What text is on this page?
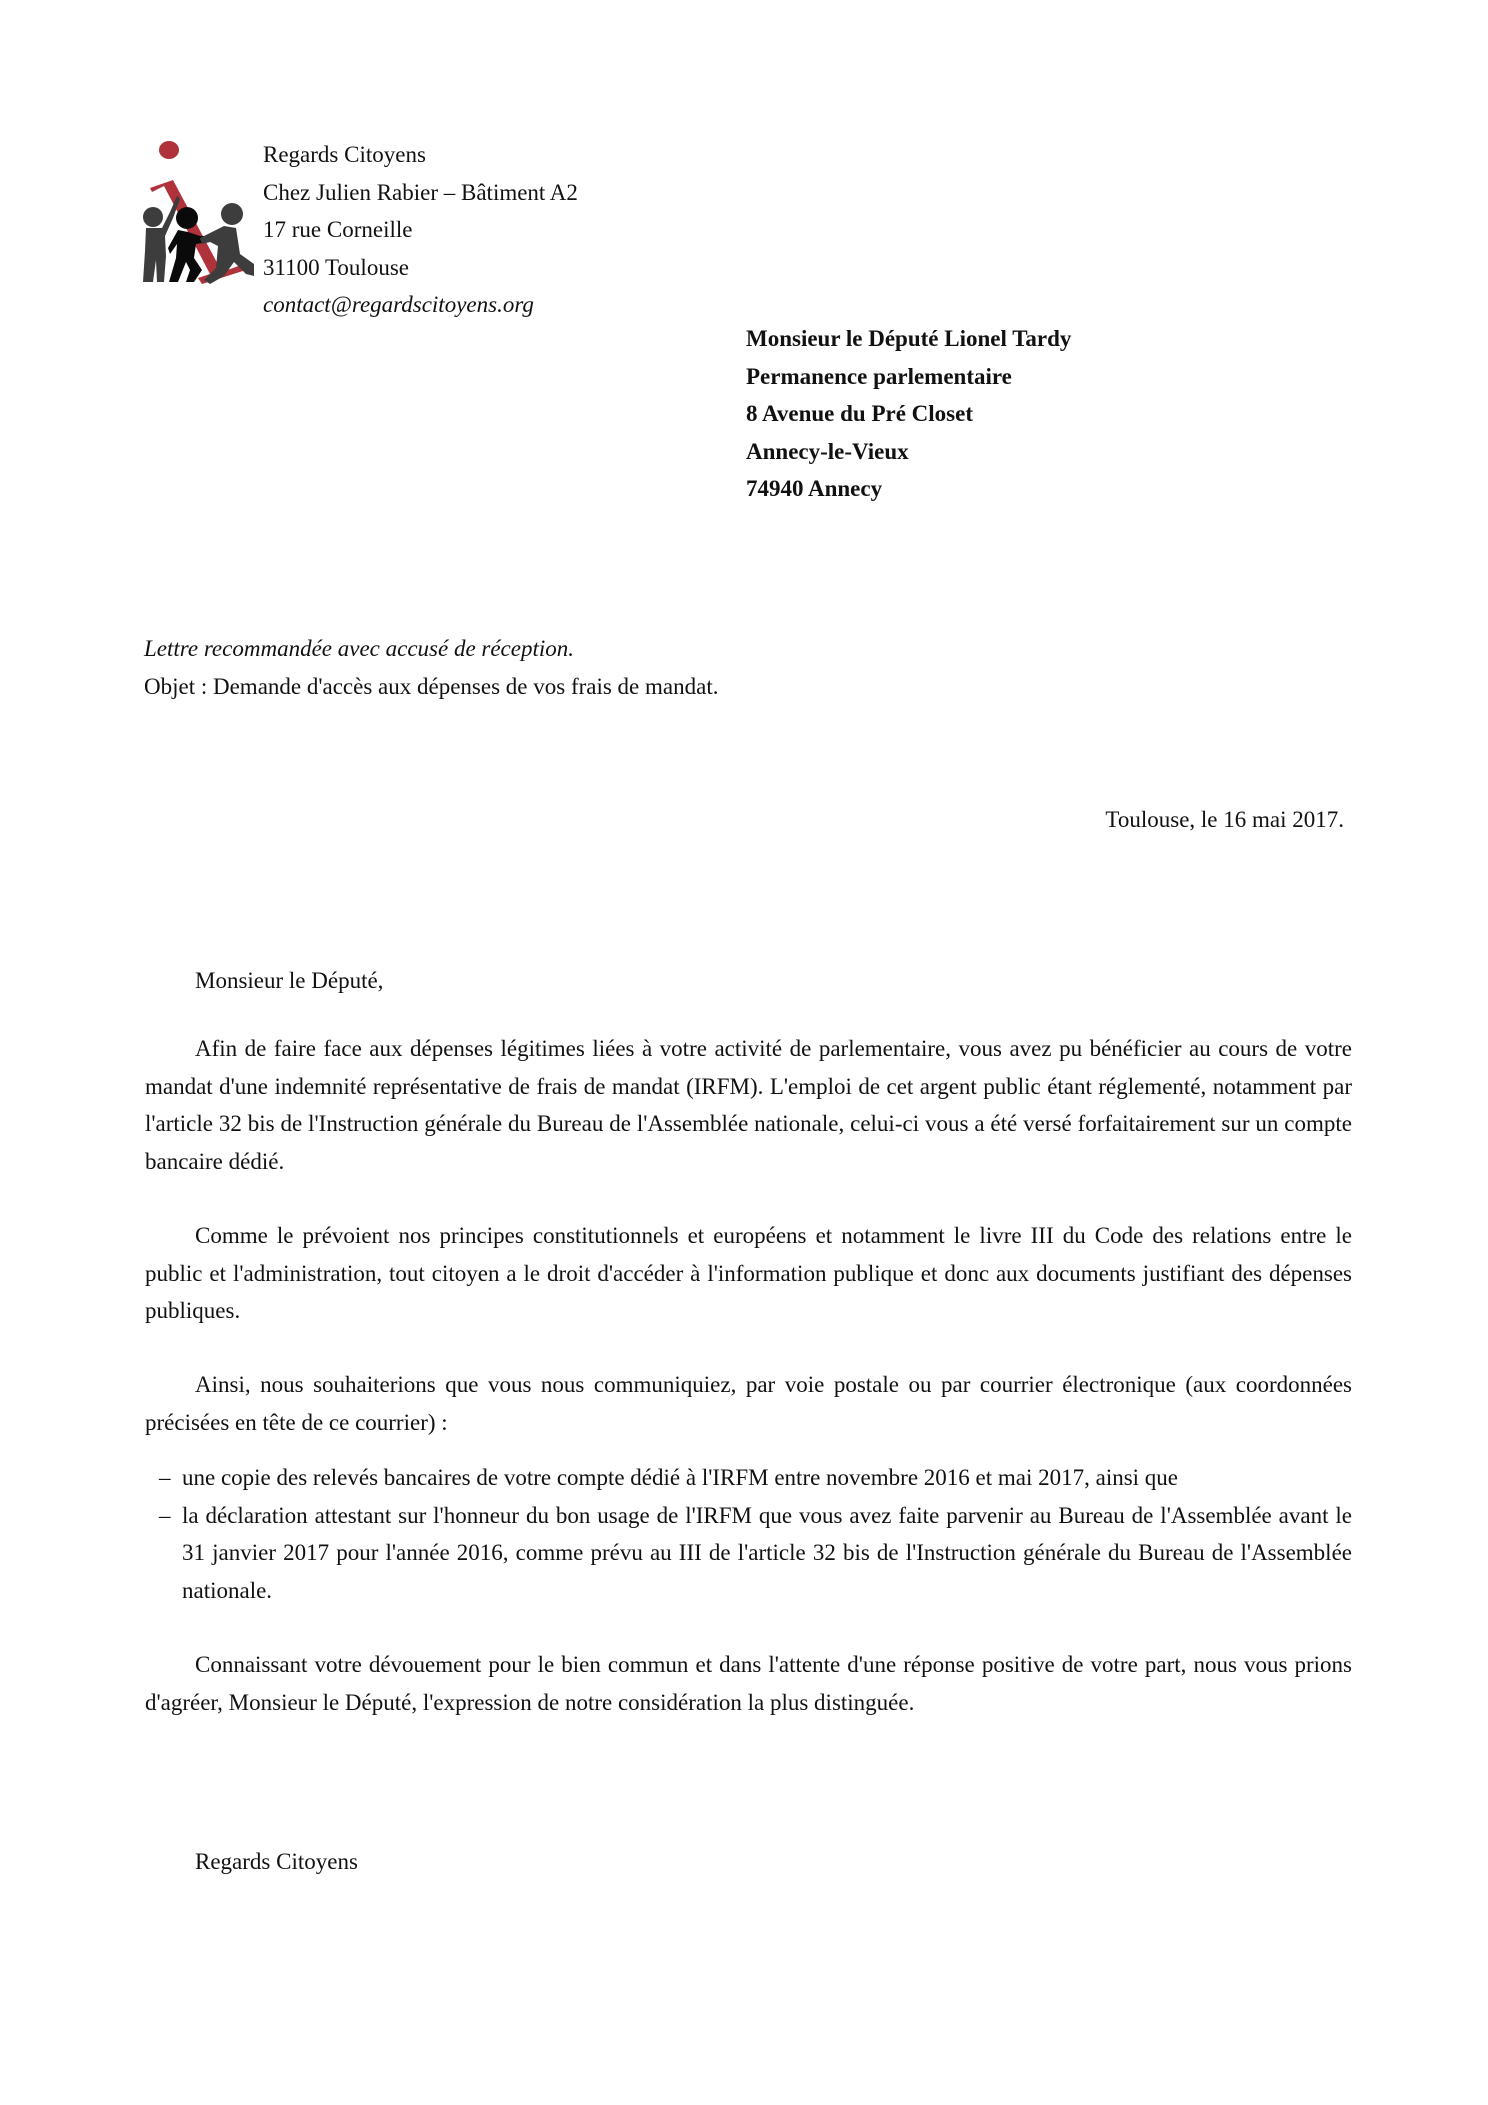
Regards Citoyens
Chez Julien Rabier – Bâtiment A2
17 rue Corneille
31100 Toulouse
contact@regardscitoyens.org
Monsieur le Député Lionel Tardy
Permanence parlementaire
8 Avenue du Pré Closet
Annecy-le-Vieux
74940 Annecy
Lettre recommandée avec accusé de réception.
Objet : Demande d'accès aux dépenses de vos frais de mandat.
Toulouse, le 16 mai 2017.
Monsieur le Député,

Afin de faire face aux dépenses légitimes liées à votre activité de parlementaire, vous avez pu bénéficier au cours de votre mandat d'une indemnité représentative de frais de mandat (IRFM). L'emploi de cet argent public étant réglementé, notamment par l'article 32 bis de l'Instruction générale du Bureau de l'Assemblée nationale, celui-ci vous a été versé forfaitairement sur un compte bancaire dédié.

Comme le prévoient nos principes constitutionnels et européens et notamment le livre III du Code des relations entre le public et l'administration, tout citoyen a le droit d'accéder à l'information publique et donc aux documents justifiant des dépenses publiques.

Ainsi, nous souhaiterions que vous nous communiquiez, par voie postale ou par courrier électronique (aux coordonnées précisées en tête de ce courrier) :

– une copie des relevés bancaires de votre compte dédié à l'IRFM entre novembre 2016 et mai 2017, ainsi que
– la déclaration attestant sur l'honneur du bon usage de l'IRFM que vous avez faite parvenir au Bureau de l'Assemblée avant le 31 janvier 2017 pour l'année 2016, comme prévu au III de l'article 32 bis de l'Instruction générale du Bureau de l'Assemblée nationale.

Connaissant votre dévouement pour le bien commun et dans l'attente d'une réponse positive de votre part, nous vous prions d'agréer, Monsieur le Député, l'expression de notre considération la plus distinguée.

Regards Citoyens
